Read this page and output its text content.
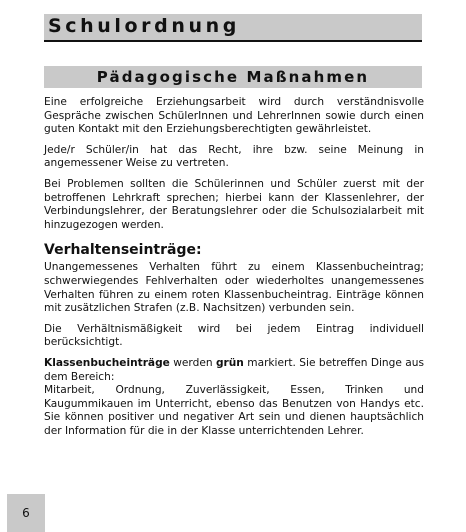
Schulordnung
Pädagogische Maßnahmen

Eine erfolgreiche Erziehungsarbeit wird durch verständnisvolle Gespräche zwischen SchülerInnen und LehrerInnen sowie durch einen guten Kontakt mit den Erziehungsberechtigten gewährleistet.

Jede/r Schüler/in hat das Recht, ihre bzw. seine Meinung in angemessener Weise zu vertreten.

Bei Problemen sollten die Schülerinnen und Schüler zuerst mit der betroffenen Lehrkraft sprechen; hierbei kann der Klassenlehrer, der Verbindungslehrer, der Beratungslehrer oder die Schulsozialarbeit mit hinzugezogen werden.

Verhaltenseinträge:

Unangemessenes Verhalten führt zu einem Klassenbucheintrag; schwerwiegendes Fehlverhalten oder wiederholtes unangemessenes Verhalten führen zu einem roten Klassenbucheintrag. Einträge können mit zusätzlichen Strafen (z.B. Nachsitzen) verbunden sein.

Die Verhältnismäßigkeit wird bei jedem Eintrag individuell berücksichtigt.

Klassenbucheinträge werden grün markiert. Sie betreffen Dinge aus dem Bereich:

Mitarbeit, Ordnung, Zuverlässigkeit, Essen, Trinken und Kaugummikauen im Unterricht, ebenso das Benutzen von Handys etc. Sie können positiver und negativer Art sein und dienen hauptsächlich der Information für die in der Klasse unterrichtenden Lehrer.

6
